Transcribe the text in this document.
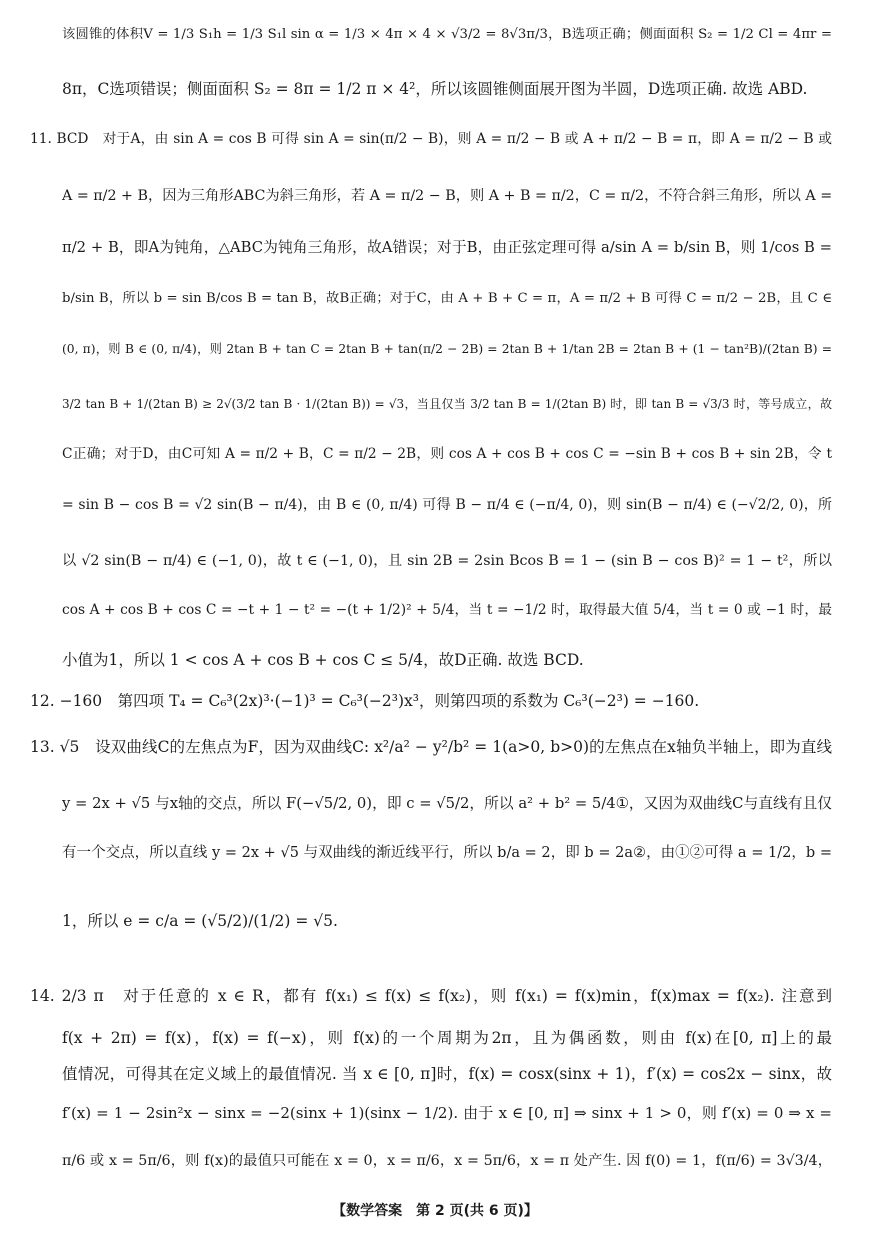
该圆锥的体积V = 1/3 S₁h = 1/3 S₁l sin α = 1/3 × 4π × 4 × √3/2 = 8√3π/3，B选项正确；侧面面积 S₂ = 1/2 Cl = 4πr =
8π，C选项错误；侧面面积 S₂ = 8π = 1/2 π × 4²，所以该圆锥侧面展开图为半圆，D选项正确. 故选 ABD.
11. BCD　对于A，由 sin A = cos B 可得 sin A = sin(π/2 − B)，则 A = π/2 − B 或 A + π/2 − B = π，即 A = π/2 − B 或
A = π/2 + B，因为三角形ABC为斜三角形，若 A = π/2 − B，则 A + B = π/2，C = π/2，不符合斜三角形，所以 A =
π/2 + B，即A为钝角，△ABC为钝角三角形，故A错误；对于B，由正弦定理可得 a/sin A = b/sin B，则 1/cos B =
b/sin B，所以 b = sin B/cos B = tan B，故B正确；对于C，由 A + B + C = π，A = π/2 + B 可得 C = π/2 − 2B，且 C ∈
(0, π)，则 B ∈ (0, π/4)，则 2tan B + tan C = 2tan B + tan(π/2 − 2B) = 2tan B + 1/tan 2B = 2tan B + (1 − tan²B)/(2tan B) =
3/2 tan B + 1/(2tan B) ≥ 2√(3/2 tan B · 1/(2tan B)) = √3，当且仅当 3/2 tan B = 1/(2tan B) 时，即 tan B = √3/3 时，等号成立，故
C正确；对于D，由C可知 A = π/2 + B，C = π/2 − 2B，则 cos A + cos B + cos C = −sin B + cos B + sin 2B，令 t
= sin B − cos B = √2 sin(B − π/4)，由 B ∈ (0, π/4) 可得 B − π/4 ∈ (−π/4, 0)，则 sin(B − π/4) ∈ (−√2/2, 0)，所
以 √2 sin(B − π/4) ∈ (−1, 0)，故 t ∈ (−1, 0)，且 sin 2B = 2sin Bcos B = 1 − (sin B − cos B)² = 1 − t²，所以
cos A + cos B + cos C = −t + 1 − t² = −(t + 1/2)² + 5/4，当 t = −1/2 时，取得最大值 5/4，当 t = 0 或 −1 时，最
小值为1，所以 1 < cos A + cos B + cos C ≤ 5/4，故D正确. 故选 BCD.
12. −160　第四项 T₄ = C₆³(2x)³·(−1)³ = C₆³(−2³)x³，则第四项的系数为 C₆³(−2³) = −160.
13. √5　设双曲线C的左焦点为F，因为双曲线C: x²/a² − y²/b² = 1(a>0, b>0)的左焦点在x轴负半轴上，即为直线
y = 2x + √5 与x轴的交点，所以 F(−√5/2, 0)，即 c = √5/2，所以 a² + b² = 5/4①，又因为双曲线C与直线有且仅
有一个交点，所以直线 y = 2x + √5 与双曲线的渐近线平行，所以 b/a = 2，即 b = 2a②，由①②可得 a = 1/2，b =
1，所以 e = c/a = (√5/2)/(1/2) = √5.
14. 2/3 π　对于任意的 x ∈ R，都有 f(x₁) ≤ f(x) ≤ f(x₂)，则 f(x₁) = f(x)min，f(x)max = f(x₂). 注意到
f(x + 2π) = f(x)，f(x) = f(−x)，则 f(x)的一个周期为2π，且为偶函数，则由 f(x)在[0, π]上的最
值情况，可得其在定义域上的最值情况. 当 x ∈ [0, π]时，f(x) = cosx(sinx + 1)，f′(x) = cos2x − sinx，故
f′(x) = 1 − 2sin²x − sinx = −2(sinx + 1)(sinx − 1/2). 由于 x ∈ [0, π] ⇒ sinx + 1 > 0，则 f′(x) = 0 ⇒ x =
π/6 或 x = 5π/6，则 f(x)的最值只可能在 x = 0，x = π/6，x = 5π/6，x = π 处产生. 因 f(0) = 1，f(π/6) = 3√3/4，
【数学答案　第 2 页(共 6 页)】
